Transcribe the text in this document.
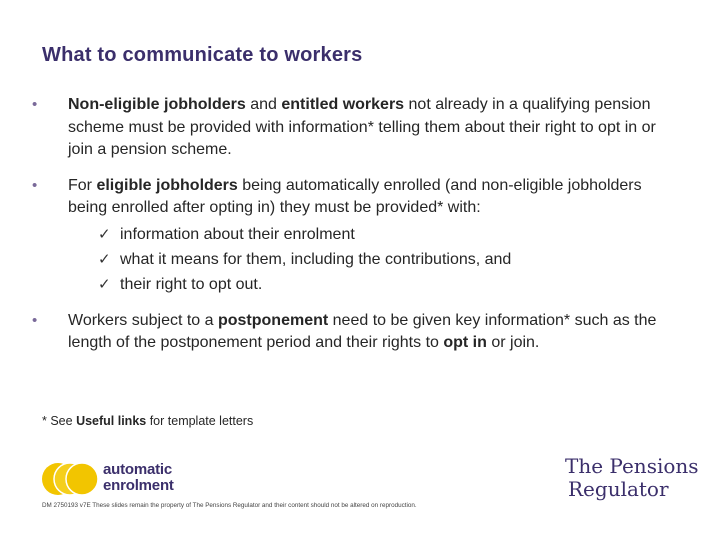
What to communicate to workers
• Non-eligible jobholders and entitled workers not already in a qualifying pension scheme must be provided with information* telling them about their right to opt in or join a pension scheme.
• For eligible jobholders being automatically enrolled (and non-eligible jobholders being enrolled after opting in) they must be provided* with:
✓ information about their enrolment
✓ what it means for them, including the contributions, and
✓ their right to opt out.
• Workers subject to a postponement need to be given key information* such as the length of the postponement period and their rights to opt in or join.
* See Useful links for template letters
automatic
enrolment
The Pensions
Regulator
DM 2750193 v7E These slides remain the property of The Pensions Regulator and their content should not be altered on reproduction.
